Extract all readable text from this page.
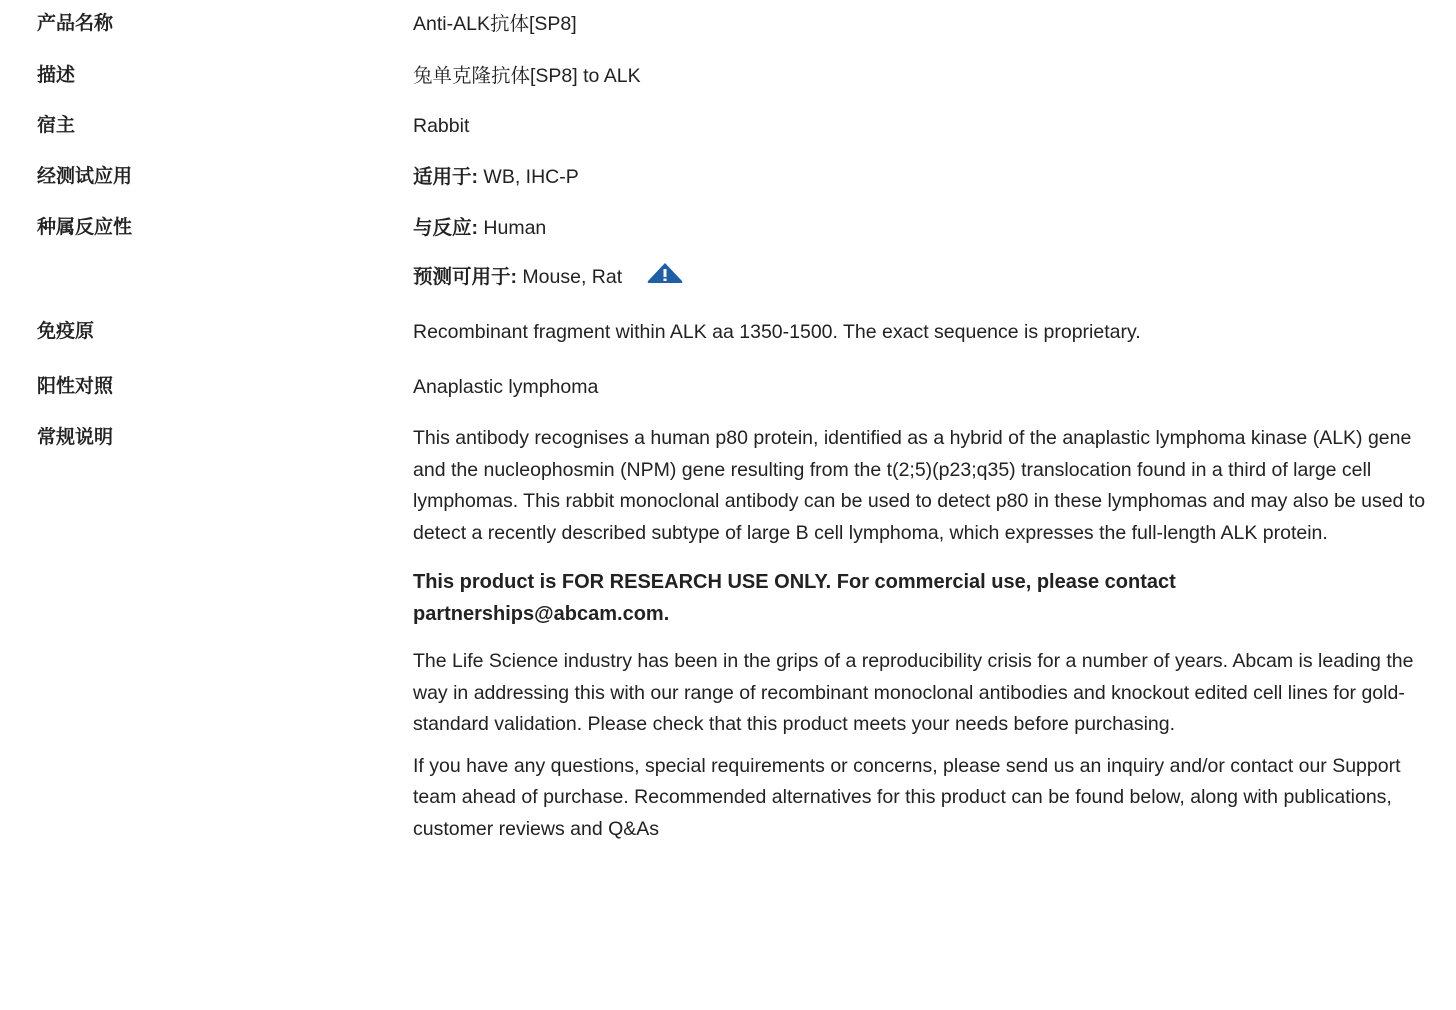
产品名称	Anti-ALK抗体[SP8]
描述	兔单克隆抗体[SP8] to ALK
宿主	Rabbit
经测试应用	适用于: WB, IHC-P
种属反应性	与反应: Human
预测可用于: Mouse, Rat
免疫原	Recombinant fragment within ALK aa 1350-1500. The exact sequence is proprietary.
阳性对照	Anaplastic lymphoma
常规说明	This antibody recognises a human p80 protein, identified as a hybrid of the anaplastic lymphoma kinase (ALK) gene and the nucleophosmin (NPM) gene resulting from the t(2;5)(p23;q35) translocation found in a third of large cell lymphomas. This rabbit monoclonal antibody can be used to detect p80 in these lymphomas and may also be used to detect a recently described subtype of large B cell lymphoma, which expresses the full-length ALK protein.
This product is FOR RESEARCH USE ONLY. For commercial use, please contact partnerships@abcam.com.
The Life Science industry has been in the grips of a reproducibility crisis for a number of years. Abcam is leading the way in addressing this with our range of recombinant monoclonal antibodies and knockout edited cell lines for gold-standard validation. Please check that this product meets your needs before purchasing.
If you have any questions, special requirements or concerns, please send us an inquiry and/or contact our Support team ahead of purchase. Recommended alternatives for this product can be found below, along with publications, customer reviews and Q&As
